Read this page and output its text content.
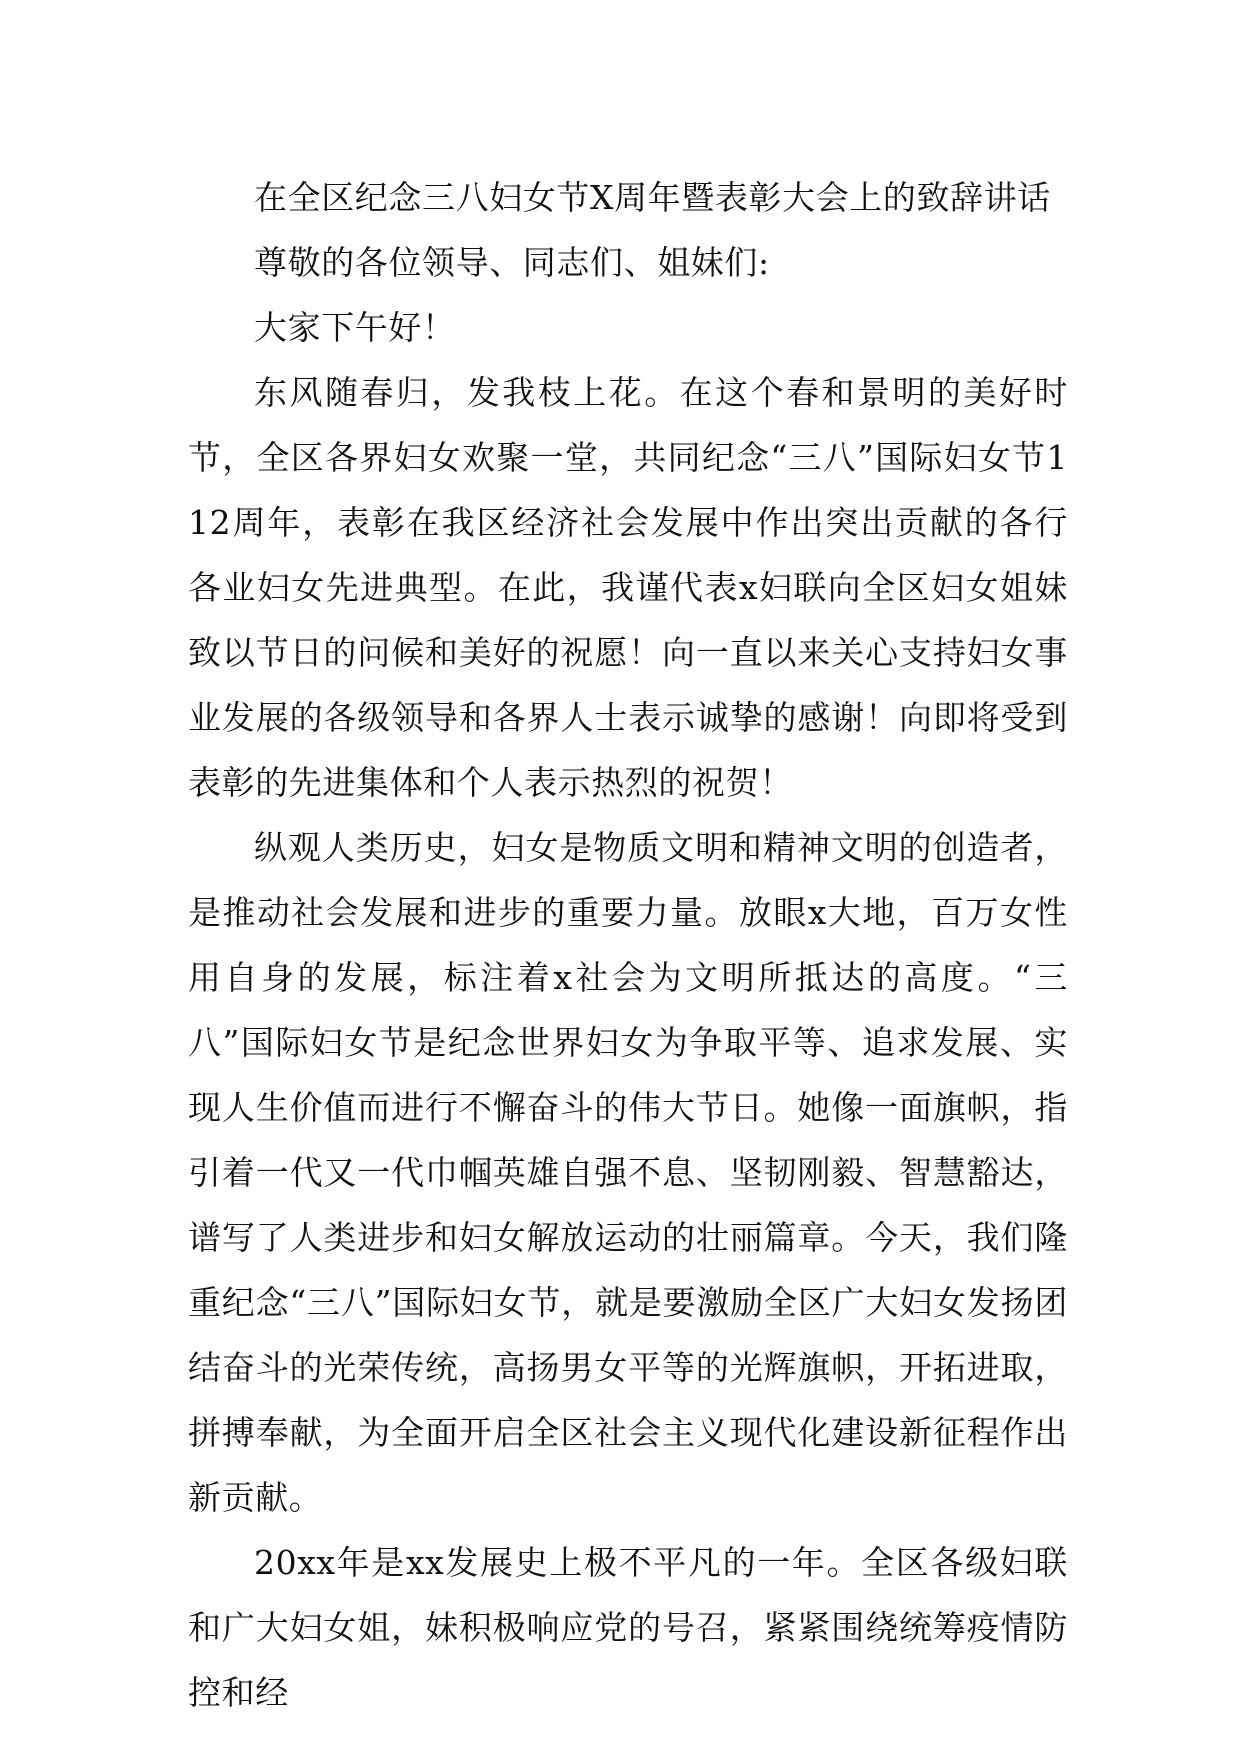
在全区纪念三八妇女节X周年暨表彰大会上的致辞讲话

尊敬的各位领导、同志们、姐妹们:

大家下午好！

东风随春归，发我枝上花。在这个春和景明的美好时节，全区各界妇女欢聚一堂，共同纪念“三八”国际妇女节112周年，表彰在我区经济社会发展中作出突出贡献的各行各业妇女先进典型。在此，我谨代表x妇联向全区妇女姐妹致以节日的问候和美好的祝愿！向一直以来关心支持妇女事业发展的各级领导和各界人士表示诚挚的感谢！向即将受到表彰的先进集体和个人表示热烈的祝贺！

纵观人类历史，妇女是物质文明和精神文明的创造者，是推动社会发展和进步的重要力量。放眼x大地，百万女性用自身的发展，标注着x社会为文明所抵达的高度。“三八”国际妇女节是纪念世界妇女为争取平等、追求发展、实现人生价值而进行不懈奋斗的伟大节日。她像一面旗帜，指引着一代又一代巾帼英雄自强不息、坚韧刚毅、智慧豁达，谱写了人类进步和妇女解放运动的壮丽篇章。今天，我们隆重纪念“三八”国际妇女节，就是要激励全区广大妇女发扬团结奋斗的光荣传统，高扬男女平等的光辉旗帜，开拓进取，拼搏奉献，为全面开启全区社会主义现代化建设新征程作出新贡献。

20xx年是xx发展史上极不平凡的一年。全区各级妇联和广大妇女姐，妹积极响应党的号召，紧紧围绕统筹疫情防控和经
